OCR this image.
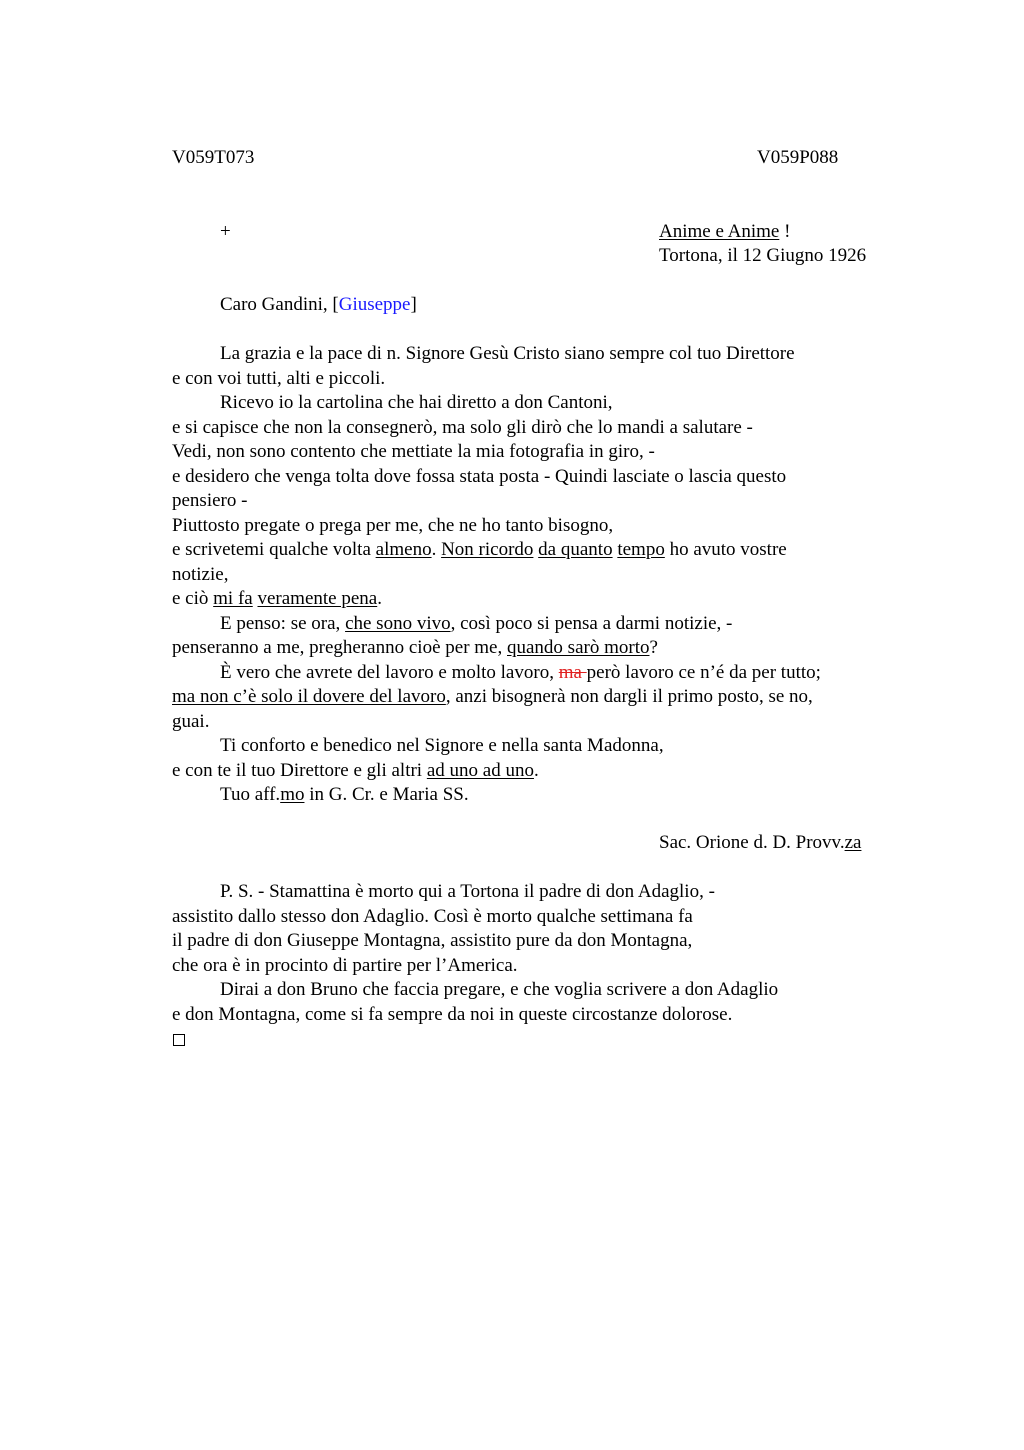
V059T073	V059P088
+	Anime e Anime !
Tortona, il 12 Giugno 1926
Caro Gandini, [Giuseppe]
La grazia e la pace di n. Signore Gesù Cristo siano sempre col tuo Direttore
e con voi tutti, alti e piccoli.
Ricevo io la cartolina che hai diretto a don Cantoni,
e si capisce che non la consegnerò, ma solo gli dirò che lo mandi a salutare -
Vedi, non sono contento che mettiate la mia fotografia in giro, -
e desidero che venga tolta dove fossa stata posta - Quindi lasciate o lascia questo
pensiero -
Piuttosto pregate o prega per me, che ne ho tanto bisogno,
e scrivetemi qualche volta almeno. Non ricordo da quanto tempo ho avuto vostre
notizie,
e ciò mi fa veramente pena.
E penso: se ora, che sono vivo, così poco si pensa a darmi notizie, -
penseranno a me, pregheranno cioè per me, quando sarò morto?
È vero che avrete del lavoro e molto lavoro, ma però lavoro ce n’é da per tutto;
ma non c’è solo il dovere del lavoro, anzi bisognerà non dargli il primo posto, se no,
guai.
Ti conforto e benedico nel Signore e nella santa Madonna,
e con te il tuo Direttore e gli altri ad uno ad uno.
Tuo aff.mo in G. Cr. e Maria SS.
Sac. Orione d. D. Provv.za
P. S. - Stamattina è morto qui a Tortona il padre di don Adaglio, -
assistito dallo stesso don Adaglio. Così è morto qualche settimana fa
il padre di don Giuseppe Montagna, assistito pure da don Montagna,
che ora è in procinto di partire per l’America.
Dirai a don Bruno che faccia pregare, e che voglia scrivere a don Adaglio
e don Montagna, come si fa sempre da noi in queste circostanze dolorose.
